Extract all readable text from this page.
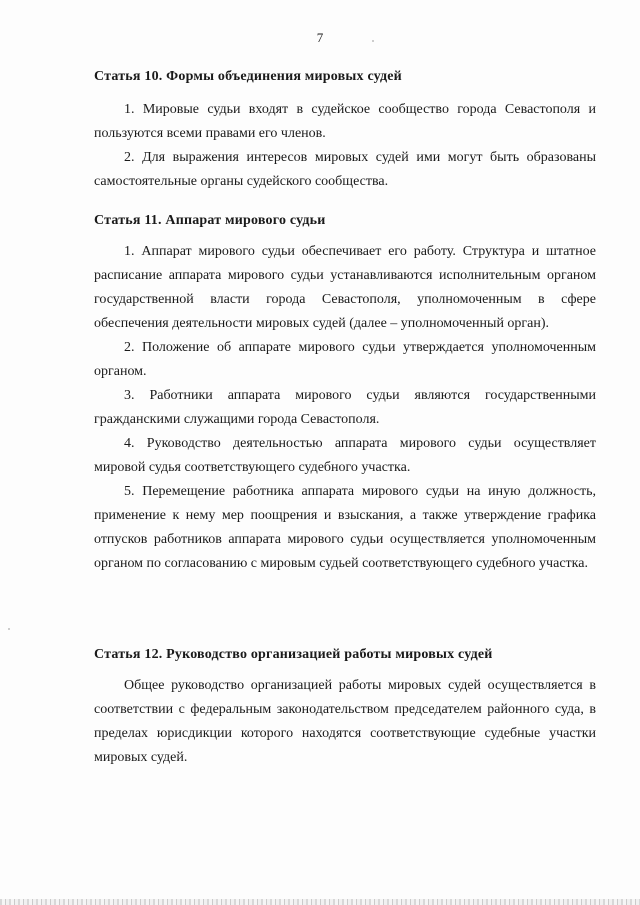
7

Статья 10. Формы объединения мировых судей

1. Мировые судьи входят в судейское сообщество города Севастополя и пользуются всеми правами его членов.

2. Для выражения интересов мировых судей ими могут быть образованы самостоятельные органы судейского сообщества.

Статья 11. Аппарат мирового судьи

1. Аппарат мирового судьи обеспечивает его работу. Структура и штатное расписание аппарата мирового судьи устанавливаются исполнительным органом государственной власти города Севастополя, уполномоченным в сфере обеспечения деятельности мировых судей (далее – уполномоченный орган).

2. Положение об аппарате мирового судьи утверждается уполномоченным органом.

3. Работники аппарата мирового судьи являются государственными гражданскими служащими города Севастополя.

4. Руководство деятельностью аппарата мирового судьи осуществляет мировой судья соответствующего судебного участка.

5. Перемещение работника аппарата мирового судьи на иную должность, применение к нему мер поощрения и взыскания, а также утверждение графика отпусков работников аппарата мирового судьи осуществляется уполномоченным органом по согласованию с мировым судьей соответствующего судебного участка.

Статья 12. Руководство организацией работы мировых судей

Общее руководство организацией работы мировых судей осуществляется в соответствии с федеральным законодательством председателем районного суда, в пределах юрисдикции которого находятся соответствующие судебные участки мировых судей.
